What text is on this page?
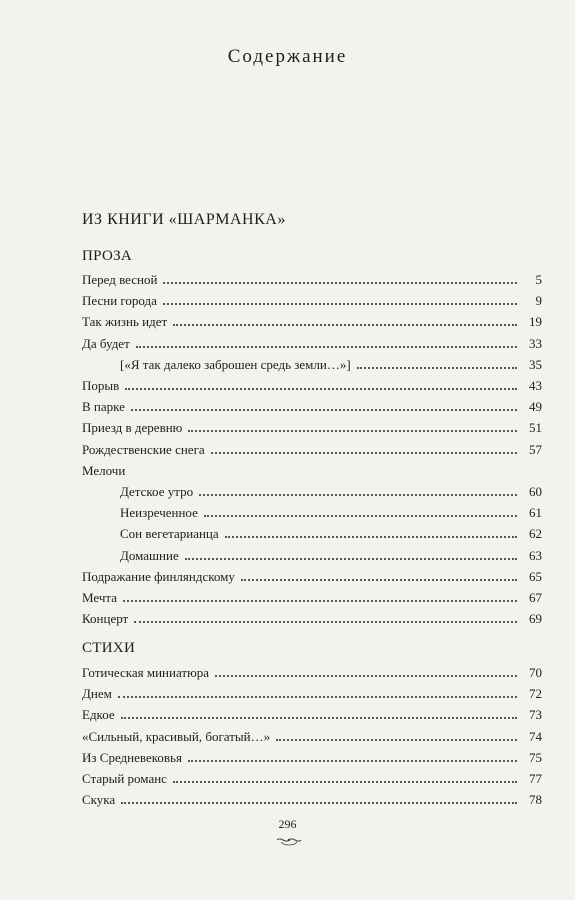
Содержание
ИЗ КНИГИ «ШАРМАНКА»
ПРОЗА
СТИХИ
Перед весной	5
Песни города	9
Так жизнь идет	19
Да будет	33
[«Я так далеко заброшен средь земли…»]	35
Порыв	43
В парке	49
Приезд в деревню	51
Рождественские снега	57
Мелочи
Детское утро	60
Неизреченное	61
Сон вегетарианца	62
Домашние	63
Подражание финляндскому	65
Мечта	67
Концерт	69
Готическая миниатюра	70
Днем	72
Едкое	73
«Сильный, красивый, богатый…»	74
Из Средневековья	75
Старый романс	77
Скука	78
296
